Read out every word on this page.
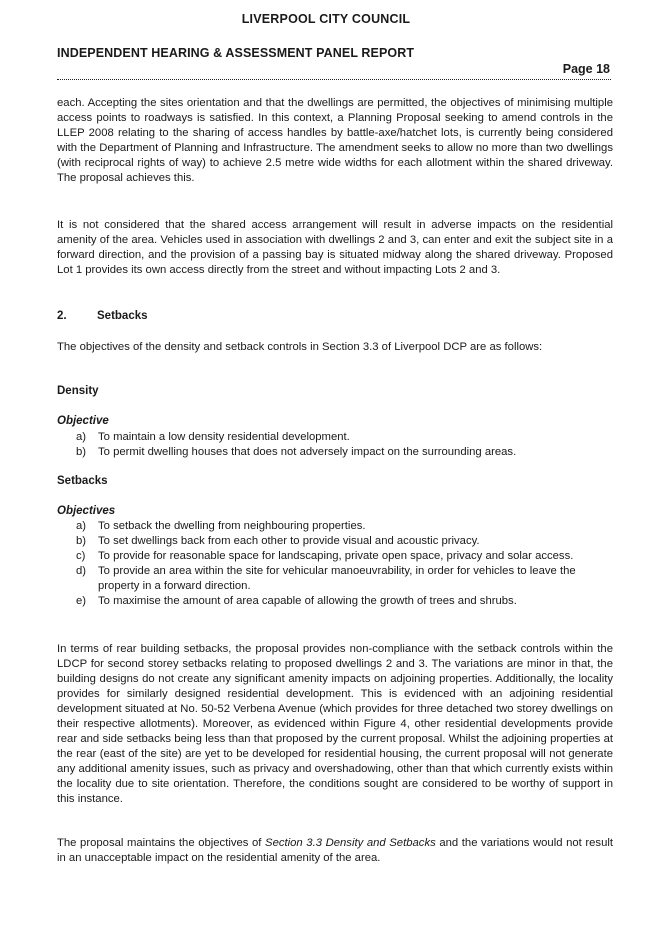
LIVERPOOL CITY COUNCIL
INDEPENDENT HEARING & ASSESSMENT PANEL REPORT
Page 18

each. Accepting the sites orientation and that the dwellings are permitted, the objectives of minimising multiple access points to roadways is satisfied. In this context, a Planning Proposal seeking to amend controls in the LLEP 2008 relating to the sharing of access handles by battle-axe/hatchet lots, is currently being considered with the Department of Planning and Infrastructure. The amendment seeks to allow no more than two dwellings (with reciprocal rights of way) to achieve 2.5 metre wide widths for each allotment within the shared driveway. The proposal achieves this.

It is not considered that the shared access arrangement will result in adverse impacts on the residential amenity of the area. Vehicles used in association with dwellings 2 and 3, can enter and exit the subject site in a forward direction, and the provision of a passing bay is situated midway along the shared driveway. Proposed Lot 1 provides its own access directly from the street and without impacting Lots 2 and 3.

2.	Setbacks

The objectives of the density and setback controls in Section 3.3 of Liverpool DCP are as follows:

Density
Objective
a) To maintain a low density residential development.
b) To permit dwelling houses that does not adversely impact on the surrounding areas.
Setbacks
Objectives
a) To setback the dwelling from neighbouring properties.
b) To set dwellings back from each other to provide visual and acoustic privacy.
c) To provide for reasonable space for landscaping, private open space, privacy and solar access.
d) To provide an area within the site for vehicular manoeuvrability, in order for vehicles to leave the property in a forward direction.
e) To maximise the amount of area capable of allowing the growth of trees and shrubs.

In terms of rear building setbacks, the proposal provides non-compliance with the setback controls within the LDCP for second storey setbacks relating to proposed dwellings 2 and 3. The variations are minor in that, the building designs do not create any significant amenity impacts on adjoining properties. Additionally, the locality provides for similarly designed residential development. This is evidenced with an adjoining residential development situated at No. 50-52 Verbena Avenue (which provides for three detached two storey dwellings on their respective allotments). Moreover, as evidenced within Figure 4, other residential developments provide rear and side setbacks being less than that proposed by the current proposal. Whilst the adjoining properties at the rear (east of the site) are yet to be developed for residential housing, the current proposal will not generate any additional amenity issues, such as privacy and overshadowing, other than that which currently exists within the locality due to site orientation. Therefore, the conditions sought are considered to be worthy of support in this instance.

The proposal maintains the objectives of Section 3.3 Density and Setbacks and the variations would not result in an unacceptable impact on the residential amenity of the area.
